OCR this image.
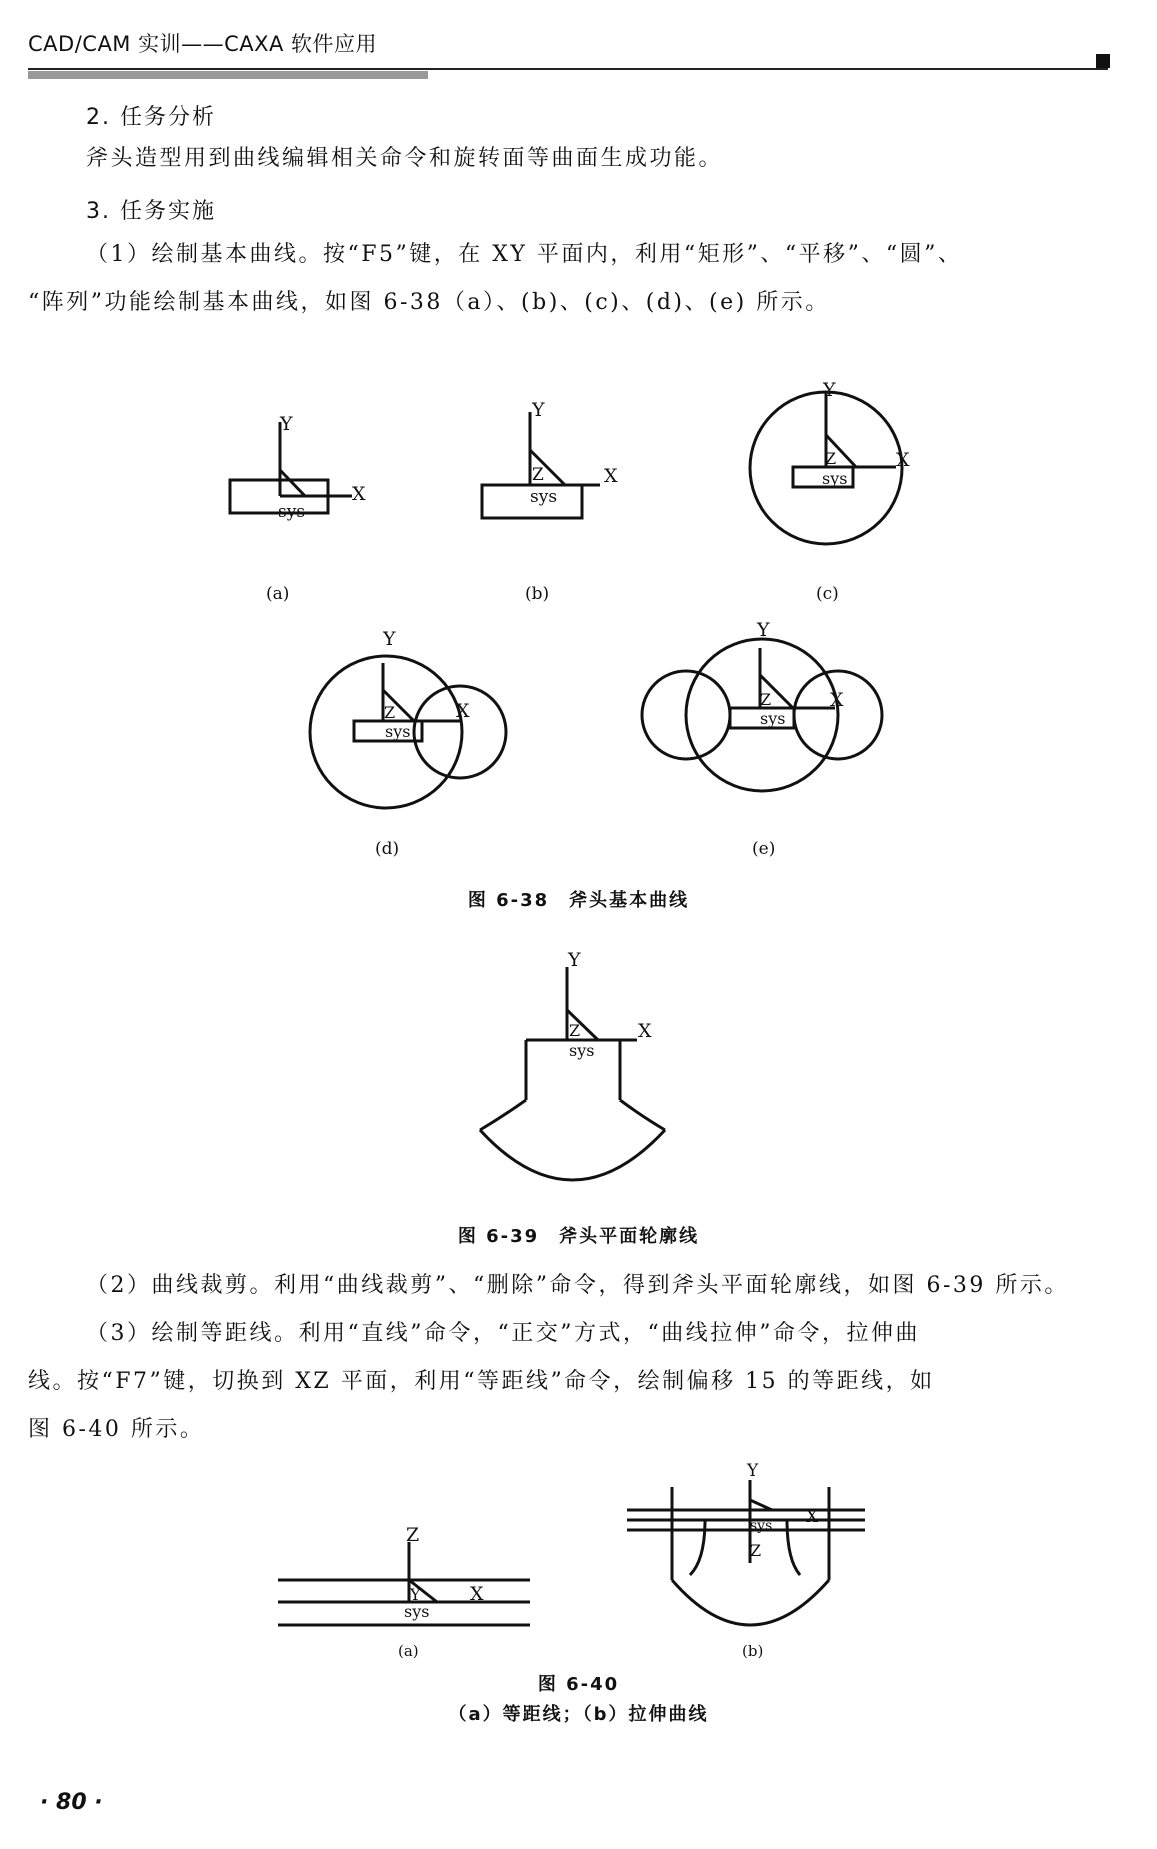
CAD/CAM 实训——CAXA 软件应用
2. 任务分析
斧头造型用到曲线编辑相关命令和旋转面等曲面生成功能。
3. 任务实施
（1）绘制基本曲线。按“F5”键，在 XY 平面内，利用“矩形”、“平移”、“圆”、
“阵列”功能绘制基本曲线，如图 6-38（a）、(b)、(c)、(d)、(e) 所示。
Y
X
sys
(a)
Y
X
Z
sys
(b)
Y
X
Z
sys
(c)
Y
X
Z
sys
(d)
Y
X
Z
sys
(e)
Y
X
Z
sys
Z
X
Y
sys
(a)
Y
X
Z
sys
(b)
图 6-38　斧头基本曲线
图 6-39　斧头平面轮廓线
（2）曲线裁剪。利用“曲线裁剪”、“删除”命令，得到斧头平面轮廓线，如图 6-39 所示。
（3）绘制等距线。利用“直线”命令，“正交”方式，“曲线拉伸”命令，拉伸曲
线。按“F7”键，切换到 XZ 平面，利用“等距线”命令，绘制偏移 15 的等距线，如
图 6-40 所示。
图 6-40
（a）等距线；（b）拉伸曲线
· 80 ·
